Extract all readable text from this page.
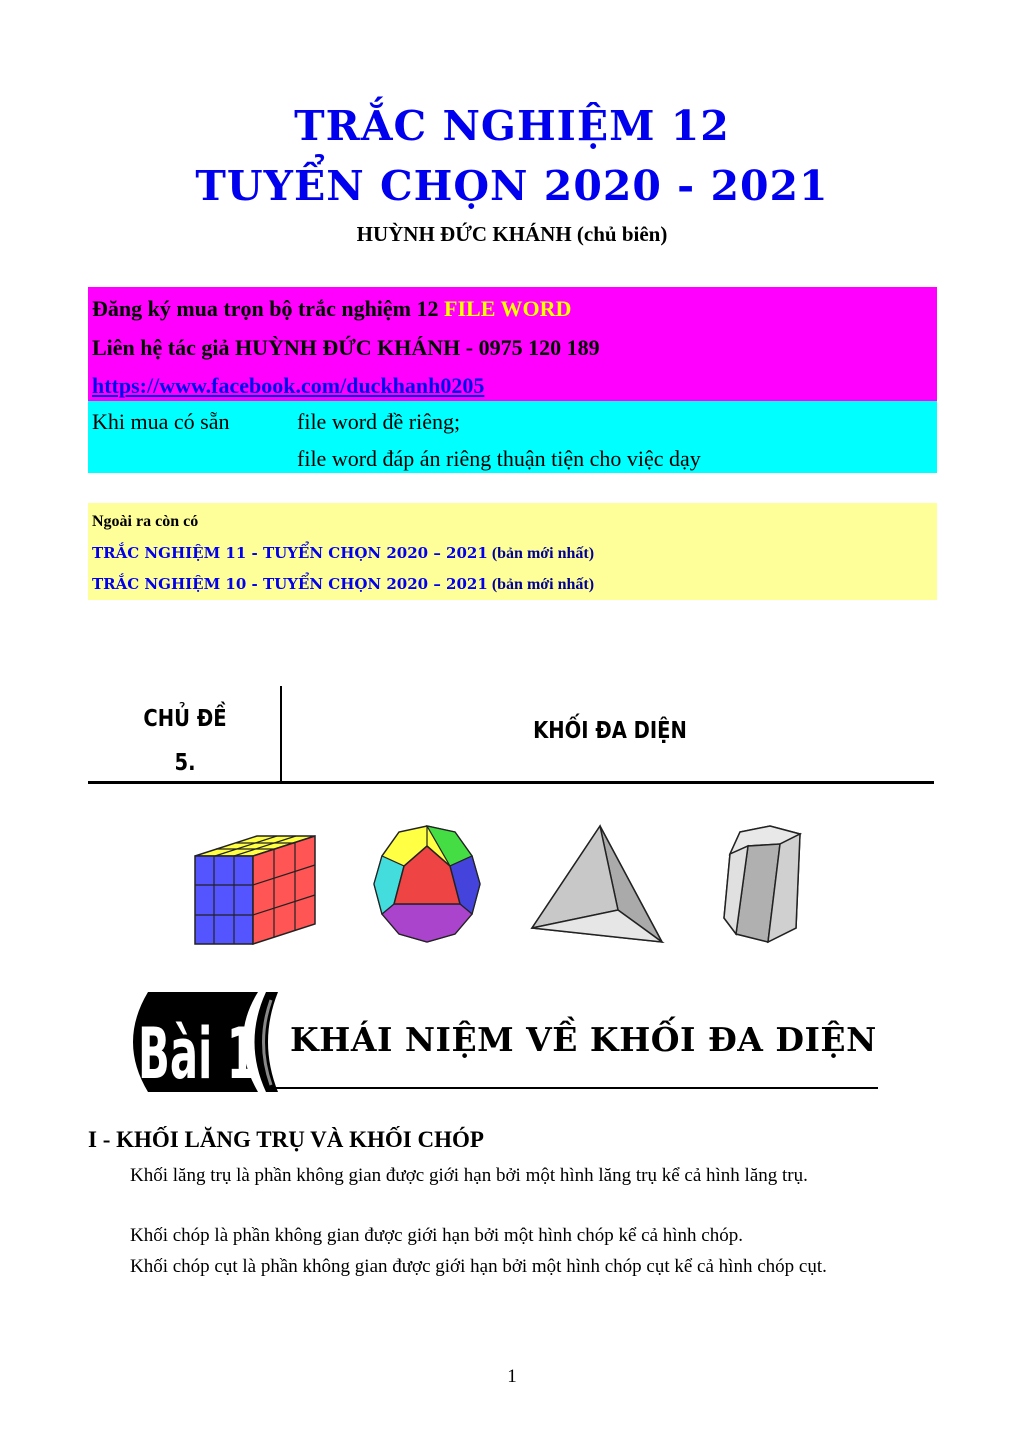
TRẮC NGHIỆM 12
TUYỂN CHỌN 2020 - 2021
HUỲNH ĐỨC KHÁNH (chủ biên)
Đăng ký mua trọn bộ trắc nghiệm 12 FILE WORD
Liên hệ tác giả HUỲNH ĐỨC KHÁNH - 0975 120 189
https://www.facebook.com/duckhanh0205
Khi mua có sẵn	file word đề riêng;
file word đáp án riêng thuận tiện cho việc dạy
Ngoài ra còn có
TRẮC NGHIỆM 11 - TUYỂN CHỌN 2020 – 2021 (bản mới nhất)
TRẮC NGHIỆM 10 - TUYỂN CHỌN 2020 – 2021 (bản mới nhất)
CHỦ ĐỀ
5.
KHỐI ĐA DIỆN
Bài 1 KHÁI NIỆM VỀ KHỐI ĐA DIỆN
I - KHỐI LĂNG TRỤ VÀ KHỐI CHÓP
Khối lăng trụ là phần không gian được giới hạn bởi một hình lăng trụ kể cả hình lăng trụ.
Khối chóp là phần không gian được giới hạn bởi một hình chóp kể cả hình chóp.
Khối chóp cụt là phần không gian được giới hạn bởi một hình chóp cụt kể cả hình chóp cụt.
1
